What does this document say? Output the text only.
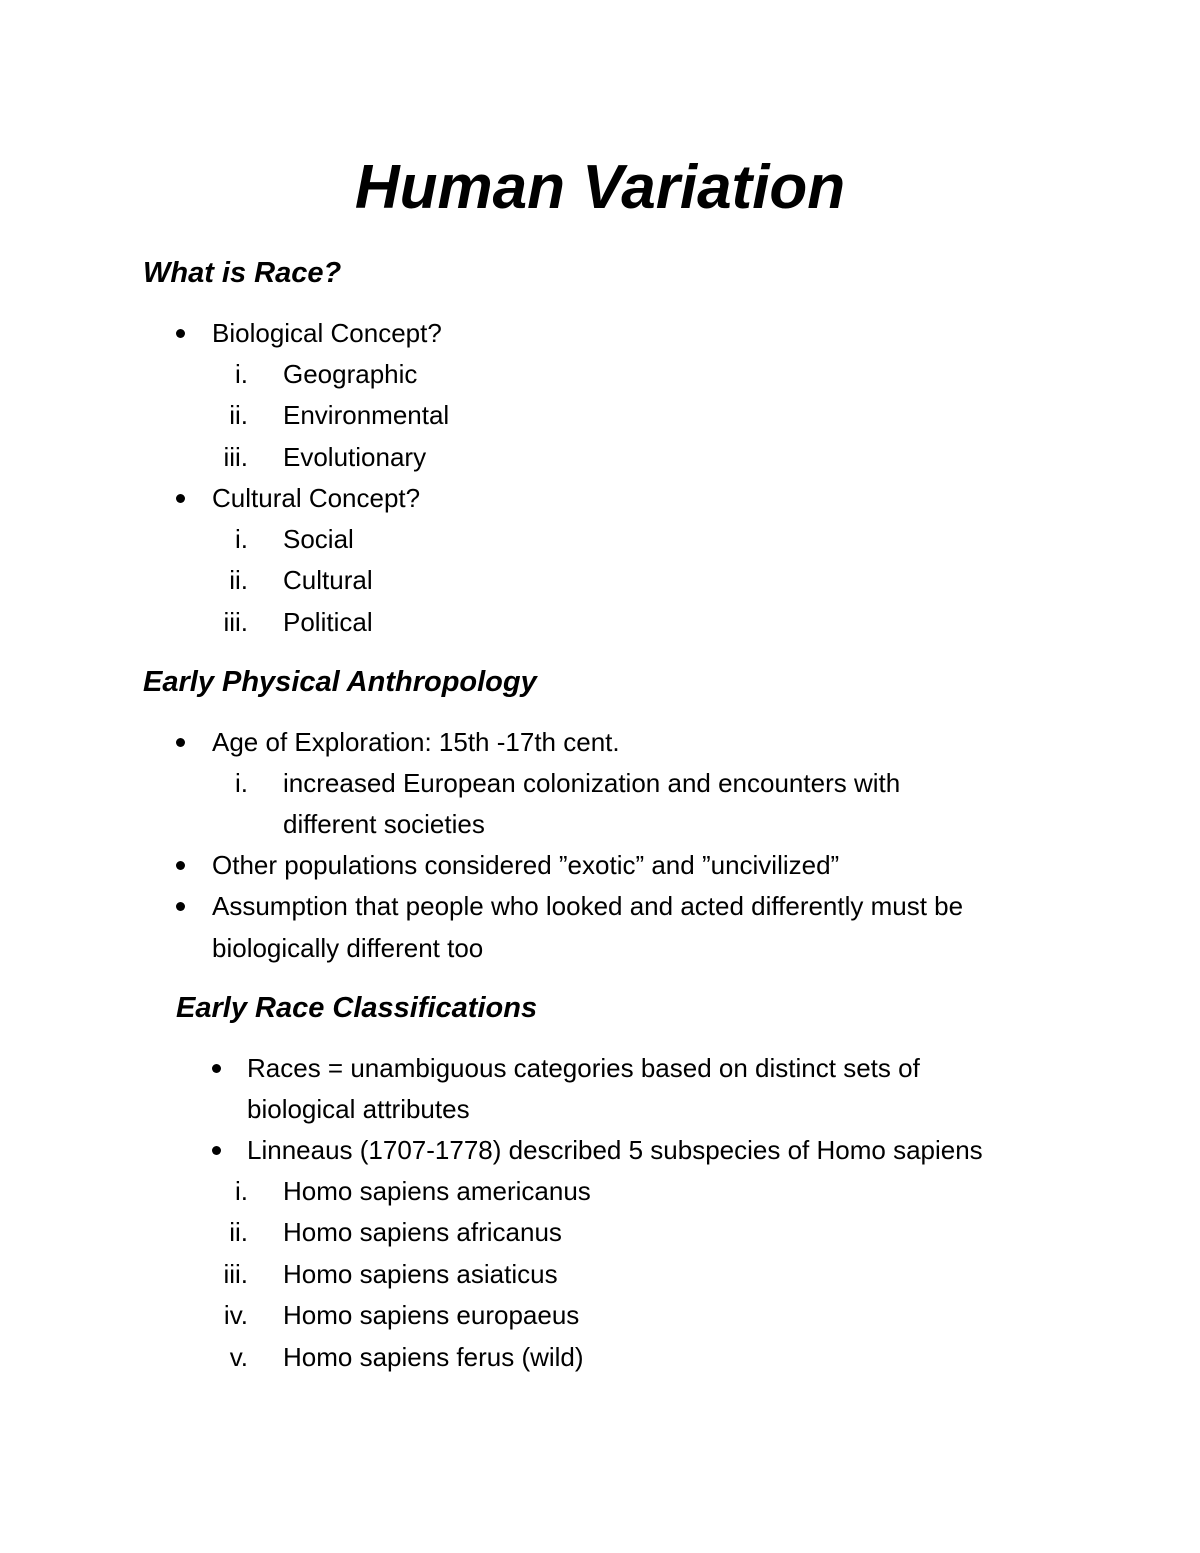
Human Variation
What is Race?
Biological Concept?
i. Geographic
ii. Environmental
iii. Evolutionary
Cultural Concept?
i. Social
ii. Cultural
iii. Political
Early Physical Anthropology
Age of Exploration: 15th -17th cent.
i. increased European colonization and encounters with
different societies
Other populations considered ”exotic” and ”uncivilized”
Assumption that people who looked and acted differently must be
biologically different too
Early Race Classifications
Races = unambiguous categories based on distinct sets of
biological attributes
Linneaus (1707-1778) described 5 subspecies of Homo sapiens
i. Homo sapiens americanus
ii. Homo sapiens africanus
iii. Homo sapiens asiaticus
iv. Homo sapiens europaeus
v. Homo sapiens ferus (wild)
